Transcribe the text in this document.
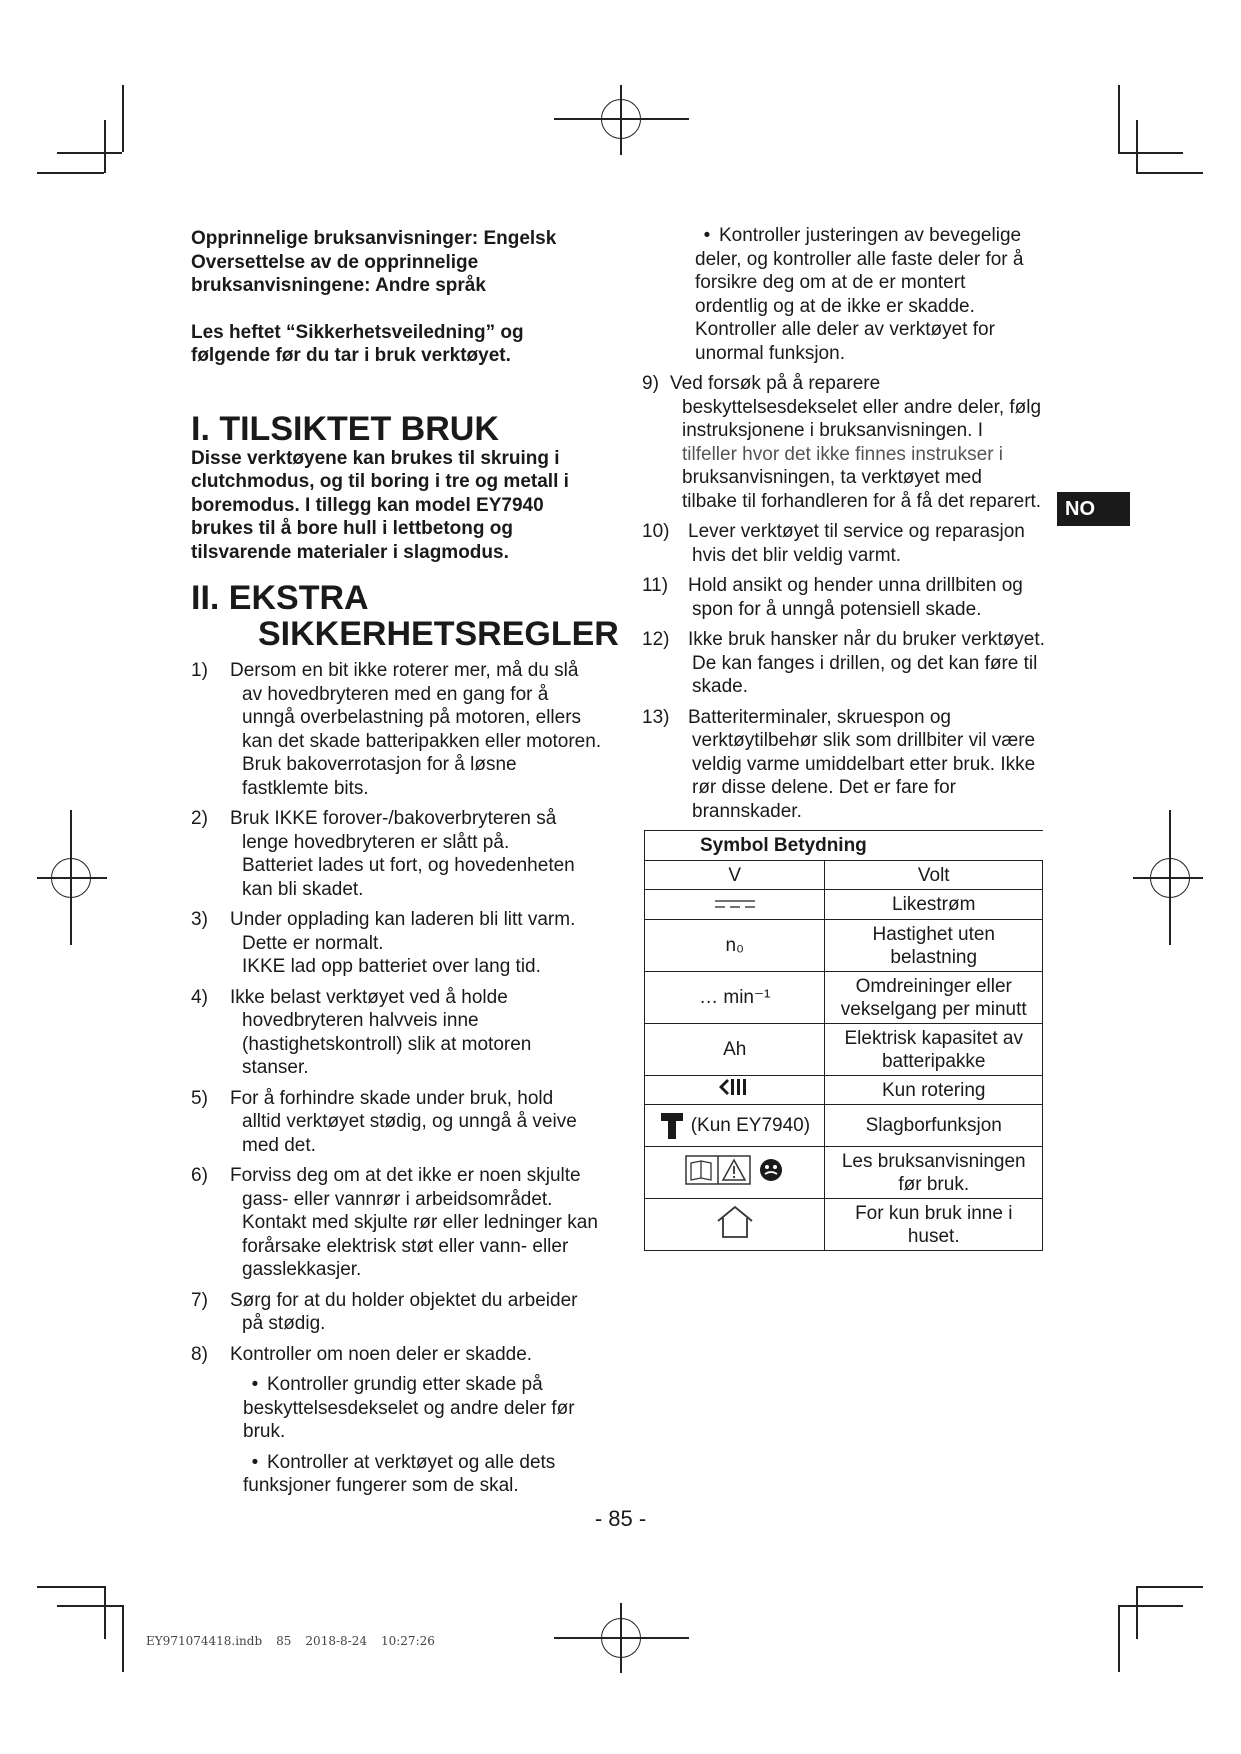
Opprinnelige bruksanvisninger: Engelsk
Oversettelse av de opprinnelige
bruksanvisningene: Andre språk

Les heftet “Sikkerhetsveiledning” og
følgende før du tar i bruk verktøyet.

I. TILSIKTET BRUK

Disse verktøyene kan brukes til skruing i
clutchmodus, og til boring i tre og metall i
boremodus. I tillegg kan model EY7940
brukes til å bore hull i lettbetong og
tilsvarende materialer i slagmodus.

II. EKSTRA
SIKKERHETSREGLER
1) Dersom en bit ikke roterer mer, må du slå
av hovedbryteren med en gang for å
unngå overbelastning på motoren, ellers
kan det skade batteripakken eller motoren.
Bruk bakoverrotasjon for å løsne
fastklemte bits.
2) Bruk IKKE forover-/bakoverbryteren så
lenge hovedbryteren er slått på.
Batteriet lades ut fort, og hovedenheten
kan bli skadet.
3) Under opplading kan laderen bli litt varm.
Dette er normalt.
IKKE lad opp batteriet over lang tid.
4) Ikke belast verktøyet ved å holde
hovedbryteren halvveis inne
(hastighetskontroll) slik at motoren
stanser.
5) For å forhindre skade under bruk, hold
alltid verktøyet stødig, og unngå å veive
med det.
6) Forviss deg om at det ikke er noen skjulte
gass- eller vannrør i arbeidsområdet.
Kontakt med skjulte rør eller ledninger kan
forårsake elektrisk støt eller vann- eller
gasslekkasjer.
7) Sørg for at du holder objektet du arbeider
på stødig.
8) Kontroller om noen deler er skadde.
• Kontroller grundig etter skade på
beskyttelsesdekselet og andre deler før
bruk.
• Kontroller at verktøyet og alle dets
funksjoner fungerer som de skal.
• Kontroller justeringen av bevegelige
deler, og kontroller alle faste deler for å
forsikre deg om at de er montert
ordentlig og at de ikke er skadde.
Kontroller alle deler av verktøyet for
unormal funksjon.
9) Ved forsøk på å reparere
beskyttelsesdekselet eller andre deler, følg
instruksjonene i bruksanvisningen. I
tilfeller hvor det ikke finnes instrukser i
bruksanvisningen, ta verktøyet med
tilbake til forhandleren for å få det reparert.
10) Lever verktøyet til service og reparasjon
hvis det blir veldig varmt.
11) Hold ansikt og hender unna drillbiten og
spon for å unngå potensiell skade.
12) Ikke bruk hansker når du bruker verktøyet.
De kan fanges i drillen, og det kan føre til
skade.
13) Batteriterminaler, skruespon og
verktøytilbehør slik som drillbiter vil være
veldig varme umiddelbart etter bruk. Ikke
rør disse delene. Det er fare for
brannskader.
NO
Symbol Betydning	
V	Volt
	Likestrøm
n₀	Hastighet uten
belastning
… min⁻¹	Omdreininger eller
vekselgang per minutt
Ah	Elektrisk kapasitet av
batteripakke
	Kun rotering
(Kun EY7940)	Slagborfunksjon
	Les bruksanvisningen
før bruk.
	For kun bruk inne i
huset.
- 85 -
EY971074418.indb 85 2018-8-24 10:27:26
